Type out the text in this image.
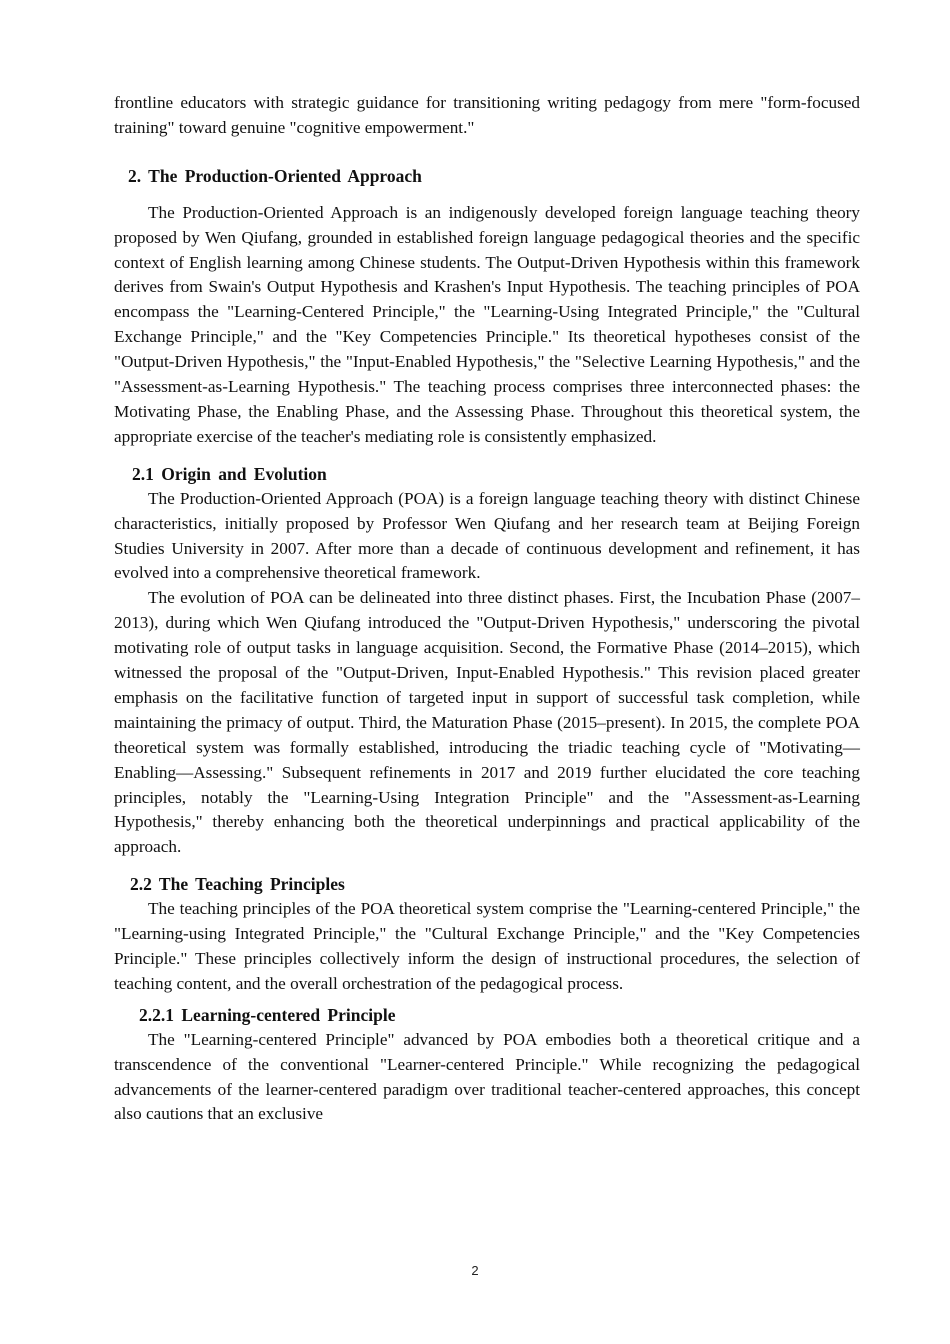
frontline educators with strategic guidance for transitioning writing pedagogy from mere "form-focused training" toward genuine "cognitive empowerment."

2. The Production-Oriented Approach

The Production-Oriented Approach is an indigenously developed foreign language teaching theory proposed by Wen Qiufang, grounded in established foreign language pedagogical theories and the specific context of English learning among Chinese students. The Output-Driven Hypothesis within this framework derives from Swain's Output Hypothesis and Krashen's Input Hypothesis. The teaching principles of POA encompass the "Learning-Centered Principle," the "Learning-Using Integrated Principle," the "Cultural Exchange Principle," and the "Key Competencies Principle." Its theoretical hypotheses consist of the "Output-Driven Hypothesis," the "Input-Enabled Hypothesis," the "Selective Learning Hypothesis," and the "Assessment-as-Learning Hypothesis." The teaching process comprises three interconnected phases: the Motivating Phase, the Enabling Phase, and the Assessing Phase. Throughout this theoretical system, the appropriate exercise of the teacher's mediating role is consistently emphasized.

2.1 Origin and Evolution

The Production-Oriented Approach (POA) is a foreign language teaching theory with distinct Chinese characteristics, initially proposed by Professor Wen Qiufang and her research team at Beijing Foreign Studies University in 2007. After more than a decade of continuous development and refinement, it has evolved into a comprehensive theoretical framework.

The evolution of POA can be delineated into three distinct phases. First, the Incubation Phase (2007–2013), during which Wen Qiufang introduced the "Output-Driven Hypothesis," underscoring the pivotal motivating role of output tasks in language acquisition. Second, the Formative Phase (2014–2015), which witnessed the proposal of the "Output-Driven, Input-Enabled Hypothesis." This revision placed greater emphasis on the facilitative function of targeted input in support of successful task completion, while maintaining the primacy of output. Third, the Maturation Phase (2015–present). In 2015, the complete POA theoretical system was formally established, introducing the triadic teaching cycle of "Motivating—Enabling—Assessing." Subsequent refinements in 2017 and 2019 further elucidated the core teaching principles, notably the "Learning-Using Integration Principle" and the "Assessment-as-Learning Hypothesis," thereby enhancing both the theoretical underpinnings and practical applicability of the approach.

2.2 The Teaching Principles

The teaching principles of the POA theoretical system comprise the "Learning-centered Principle," the "Learning-using Integrated Principle," the "Cultural Exchange Principle," and the "Key Competencies Principle." These principles collectively inform the design of instructional procedures, the selection of teaching content, and the overall orchestration of the pedagogical process.

2.2.1 Learning-centered Principle

The "Learning-centered Principle" advanced by POA embodies both a theoretical critique and a transcendence of the conventional "Learner-centered Principle." While recognizing the pedagogical advancements of the learner-centered paradigm over traditional teacher-centered approaches, this concept also cautions that an exclusive

2
